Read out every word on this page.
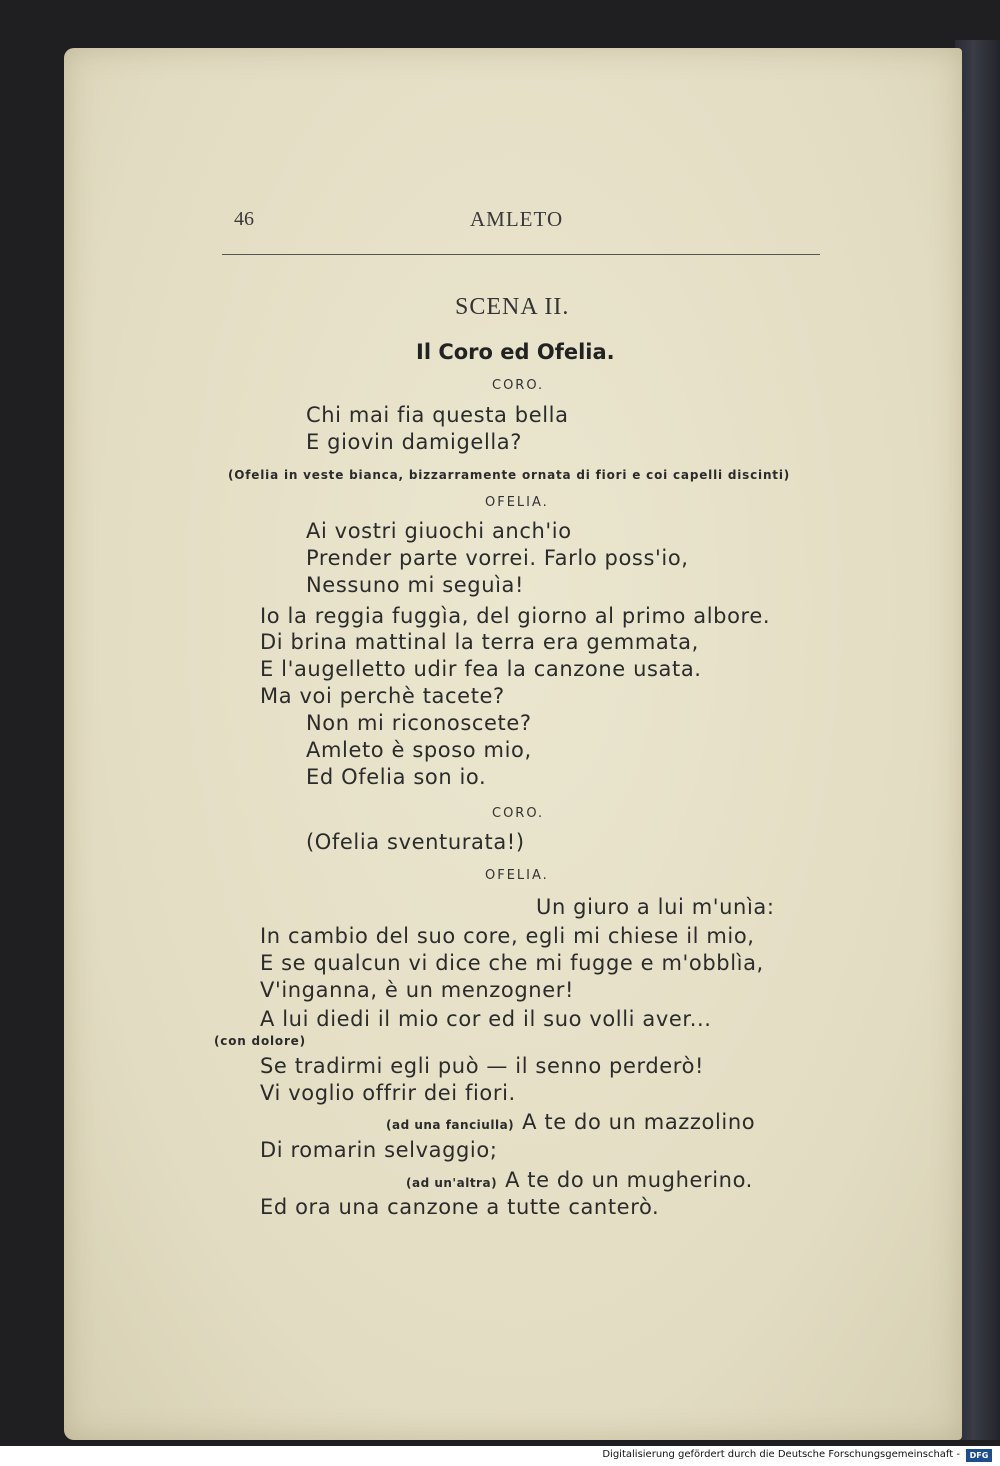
46	AMLETO
SCENA II.
Il Coro ed Ofelia.
CORO.
Chi mai fia questa bella
E giovin damigella?
(Ofelia in veste bianca, bizzarramente ornata di fiori e coi capelli discinti)
OFELIA.
Ai vostri giuochi anch'io
Prender parte vorrei. Farlo poss'io,
Nessuno mi seguìa!
Io la reggia fuggìa, del giorno al primo albore.
Di brina mattinal la terra era gemmata,
E l'augelletto udir fea la canzone usata.
Ma voi perchè tacete?
Non mi riconoscete?
Amleto è sposo mio,
Ed Ofelia son io.
CORO.
(Ofelia sventurata!)
OFELIA.
Un giuro a lui m'unìa:
In cambio del suo core, egli mi chiese il mio,
E se qualcun vi dice che mi fugge e m'obblìa,
V'inganna, è un menzogner!
A lui diedi il mio cor ed il suo volli aver...
(con dolore)
Se tradirmi egli può — il senno perderò!
Vi voglio offrir dei fiori.
(ad una fanciulla) A te do un mazzolino
Di romarin selvaggio;
(ad un'altra) A te do un mugherino.
Ed ora una canzone a tutte canterò.
Digitalisierung gefördert durch die Deutsche Forschungsgemeinschaft -	DFG
